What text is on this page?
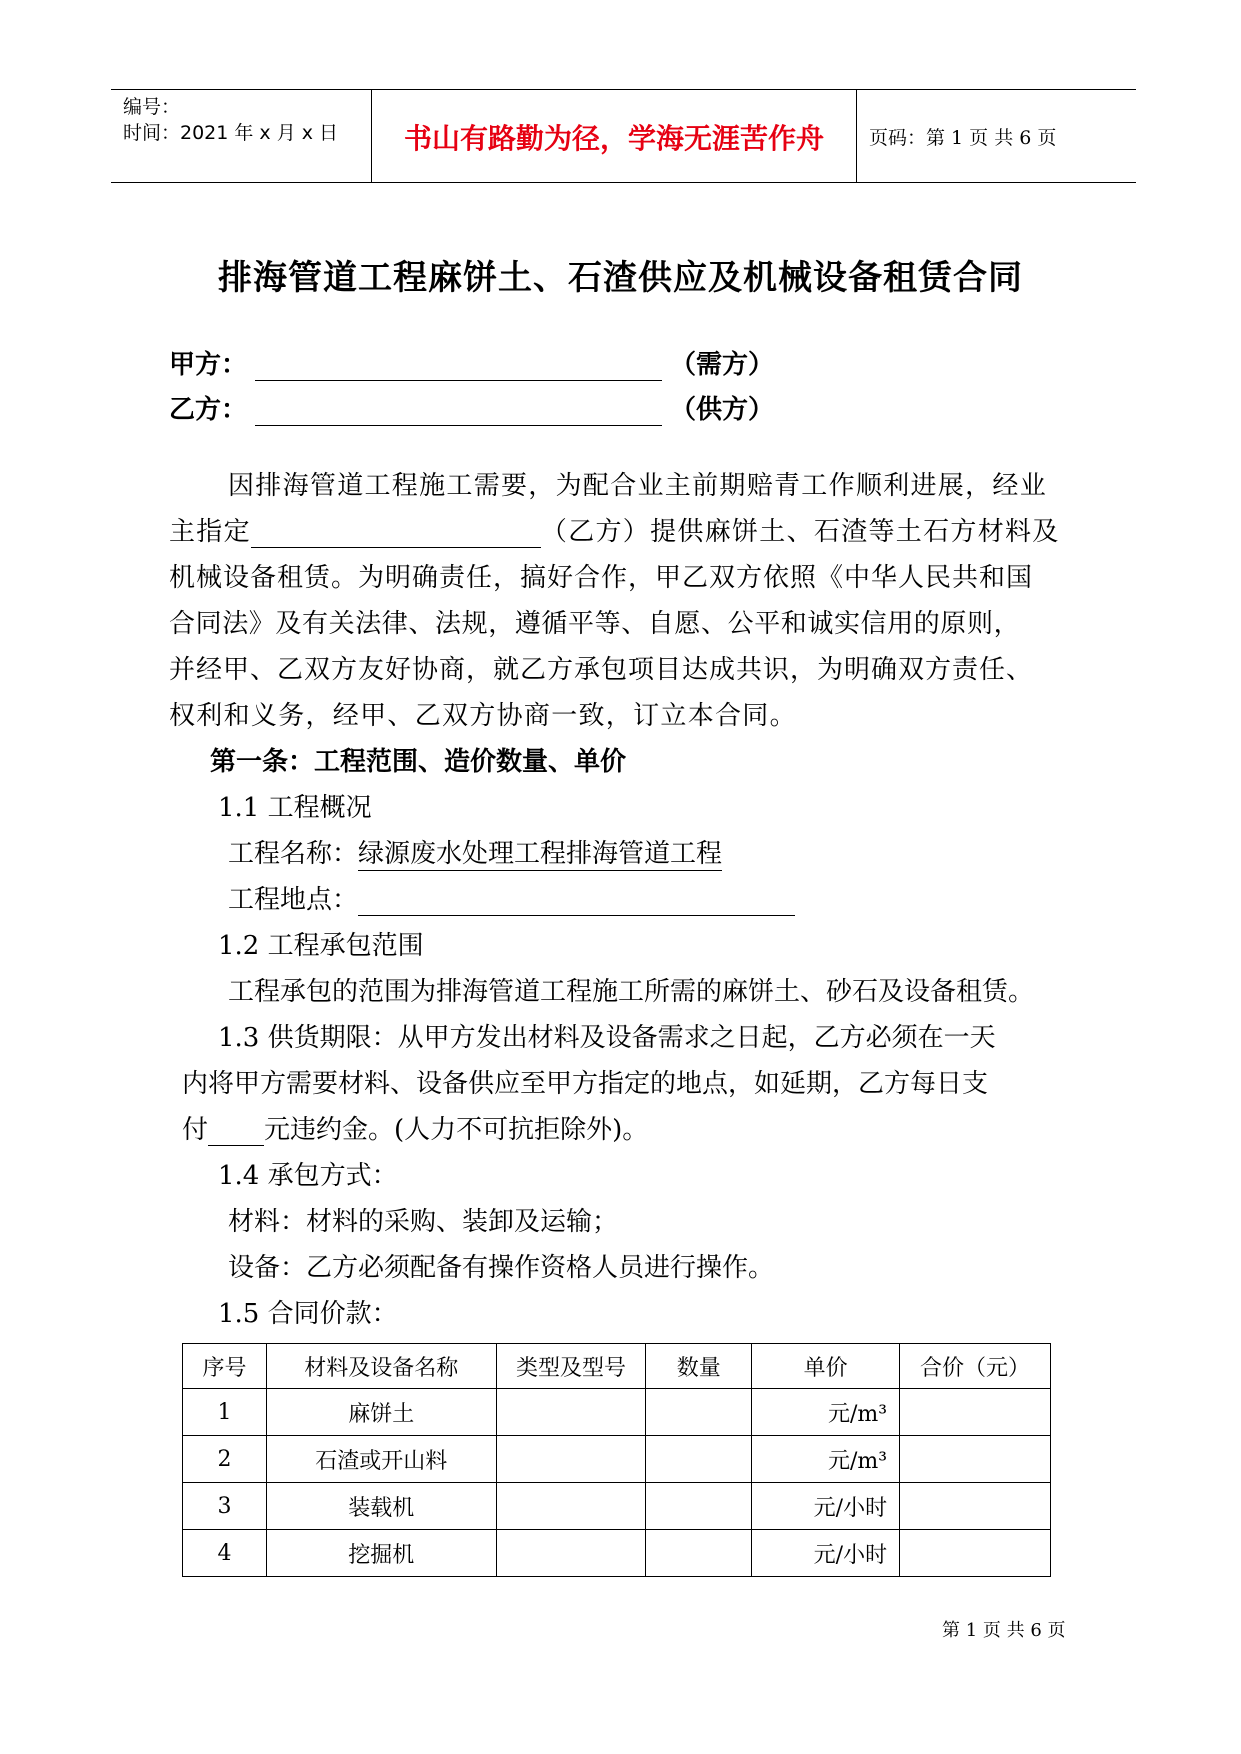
编号：
时间：2021 年 x 月 x 日	书山有路勤为径，学海无涯苦作舟	页码：第 1 页 共 6 页
排海管道工程麻饼土、石渣供应及机械设备租赁合同
甲方：	（需方）
乙方：	（供方）
因排海管道工程施工需要，为配合业主前期赔青工作顺利进展，经业
主指定	（乙方）提供麻饼土、石渣等土石方材料及
机械设备租赁。为明确责任，搞好合作，甲乙双方依照《中华人民共和国
合同法》及有关法律、法规，遵循平等、自愿、公平和诚实信用的原则，
并经甲、乙双方友好协商，就乙方承包项目达成共识，为明确双方责任、
权利和义务，经甲、乙双方协商一致，订立本合同。
第一条：工程范围、造价数量、单价
1.1 工程概况
工程名称：绿源废水处理工程排海管道工程
工程地点：
1.2 工程承包范围
工程承包的范围为排海管道工程施工所需的麻饼土、砂石及设备租赁。
1.3 供货期限：从甲方发出材料及设备需求之日起，乙方必须在一天
内将甲方需要材料、设备供应至甲方指定的地点，如延期，乙方每日支
付 元违约金。(人力不可抗拒除外)。
1.4 承包方式：
材料：材料的采购、装卸及运输；
设备：乙方必须配备有操作资格人员进行操作。
1.5 合同价款：
序号	材料及设备名称	类型及型号	数量	单价	合价（元）
1	麻饼土			元/m³	
2	石渣或开山料			元/m³	
3	装载机			元/小时	
4	挖掘机			元/小时	
第 1 页 共 6 页
